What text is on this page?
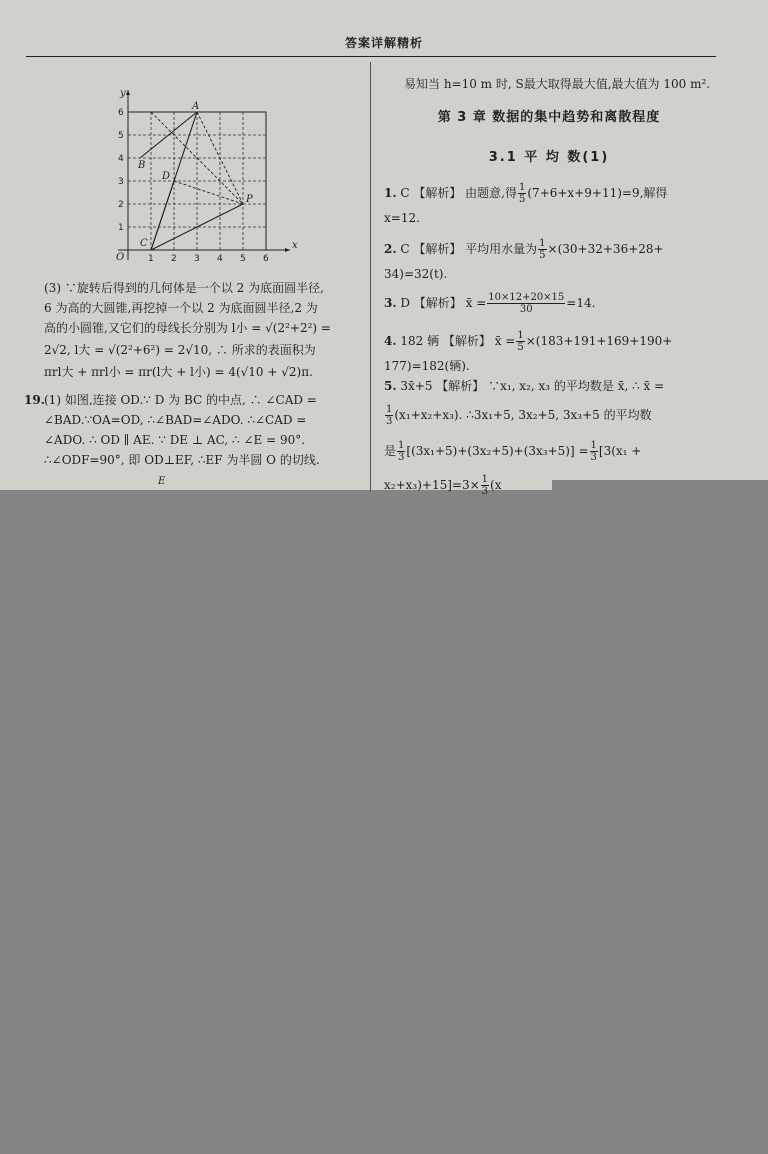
答案详解精析
A
B
C
D
P
x
y
O	1 2 3 4 5 6
1
2
3
4
5
6
(3) ∵旋转后得到的几何体是一个以 2 为底面圆半径,
6 为高的大圆锥,再挖掉一个以 2 为底面圆半径,2 为
高的小圆锥,又它们的母线长分别为 l小 = √(2²+2²) =
2√2, l大 = √(2²+6²) = 2√10, ∴ 所求的表面积为
πrl大 + πrl小 = πr(l大 + l小) = 4(√10 + √2)π.
19. (1) 如图,连接 OD.∵ D 为 BC 的中点, ∴ ∠CAD =
∠BAD.∵OA=OD, ∴∠BAD=∠ADO. ∴∠CAD =
∠ADO. ∴ OD ∥ AE. ∵ DE ⊥ AC, ∴ ∠E = 90°.
∴∠ODF=90°, 即 OD⊥EF, ∴EF 为半圆 O 的切线.
E
易知当 h=10 m 时, S最大取得最大值,最大值为 100 m².
第 3 章 数据的集中趋势和离散程度
3.1 平 均 数(1)
1. C 【解析】 由题意,得 $\frac{1}{5} (7+6+x+9+11)=9$,解得
x=12.
2. C 【解析】 平均用水量为 $\frac{1}{5} \times(30+32+36+28+$
34)=32(t).
3. D 【解析】 x̄ = $\frac{10\times 12+20\times 15}{30} =14$.
4. 182 辆 【解析】 x̄ = $\frac{1}{5} \times(183+191+169+190+$
177)=182(辆).
5. 3x̄+5 【解析】 ∵x₁, x₂, x₃ 的平均数是 x̄, ∴ x̄ =
$\frac{1}{3} (x_1+x_2+x_3)$. ∴3x₁+5, 3x₂+5, 3x₃+5 的平均数
是 $\frac{1}{3} [(3x_1+5)+(3x_2+5)+(3x_3+5)] = \frac{1}{3} [3(x_1$ +
$x_2+x_3)+15]=3\times \frac{1}{3} (x$
